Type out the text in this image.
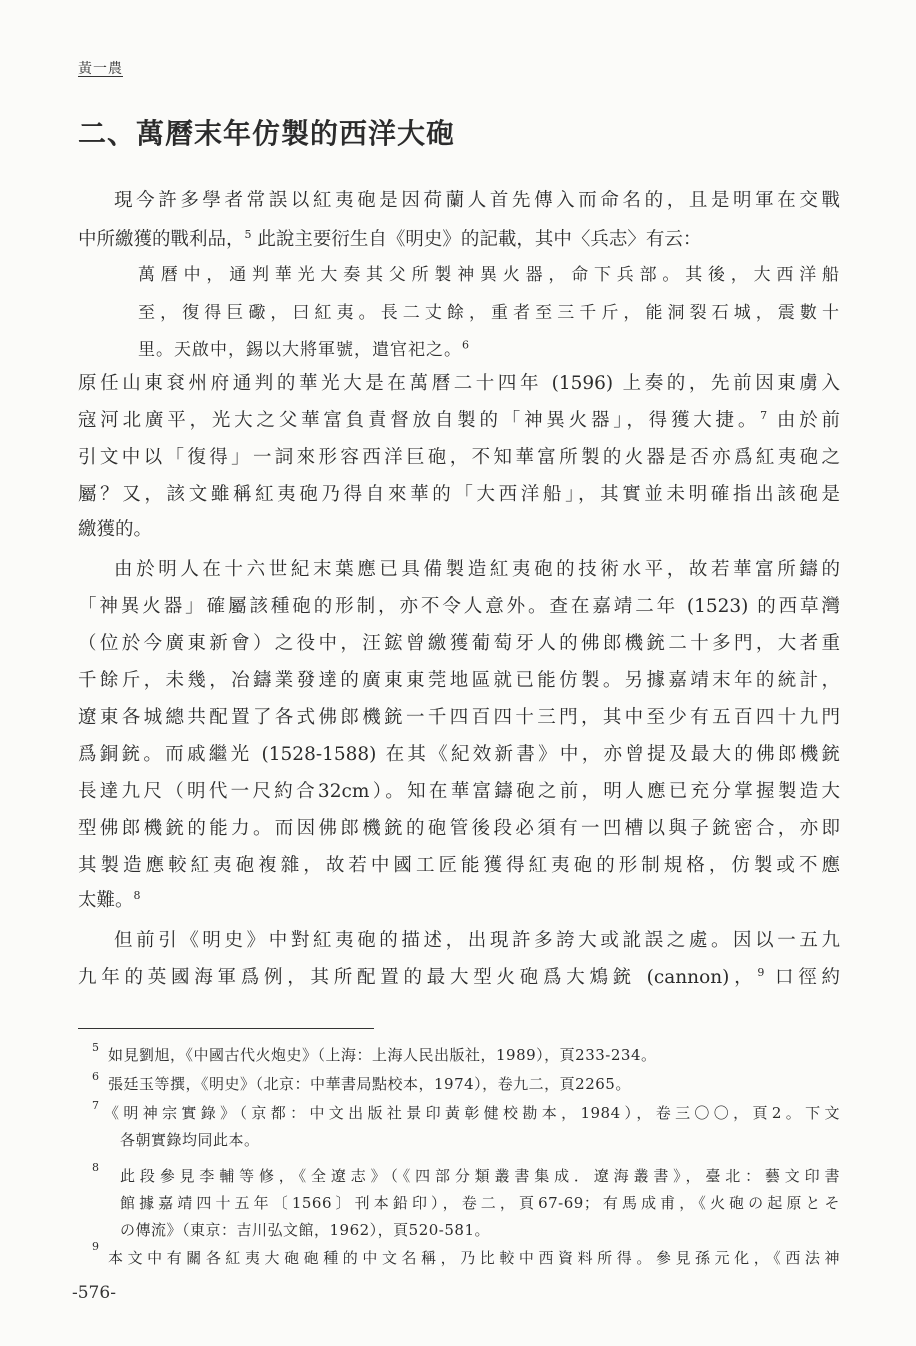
黃一農
二、萬曆末年仿製的西洋大砲
現今許多學者常誤以紅夷砲是因荷蘭人首先傳入而命名的，且是明軍在交戰
中所繳獲的戰利品，$^5$ 此說主要衍生自《明史》的記載，其中〈兵志〉有云：
萬曆中，通判華光大奏其父所製神異火器，命下兵部。其後，大西洋船
至，復得巨礮，曰紅夷。長二丈餘，重者至三千斤，能洞裂石城，震數十
里。天啟中，錫以大將軍號，遣官祀之。$^6$
原任山東袞州府通判的華光大是在萬曆二十四年 (1596) 上奏的，先前因東虜入
寇河北廣平，光大之父華富負責督放自製的「神異火器」，得獲大捷。$^7$ 由於前
引文中以「復得」一詞來形容西洋巨砲，不知華富所製的火器是否亦爲紅夷砲之
屬？又，該文雖稱紅夷砲乃得自來華的「大西洋船」，其實並未明確指出該砲是
繳獲的。
由於明人在十六世紀末葉應已具備製造紅夷砲的技術水平，故若華富所鑄的
「神異火器」確屬該種砲的形制，亦不令人意外。查在嘉靖二年 (1523) 的西草灣
（位於今廣東新會）之役中，汪鋐曾繳獲葡萄牙人的佛郎機銃二十多門，大者重
千餘斤，未幾，冶鑄業發達的廣東東莞地區就已能仿製。另據嘉靖末年的統計，
遼東各城總共配置了各式佛郎機銃一千四百四十三門，其中至少有五百四十九門
爲銅銃。而戚繼光 (1528-1588) 在其《紀效新書》中，亦曾提及最大的佛郎機銃
長達九尺（明代一尺約合32cm）。知在華富鑄砲之前，明人應已充分掌握製造大
型佛郎機銃的能力。而因佛郎機銃的砲管後段必須有一凹槽以與子銃密合，亦即
其製造應較紅夷砲複雜，故若中國工匠能獲得紅夷砲的形制規格，仿製或不應
太難。$^8$
但前引《明史》中對紅夷砲的描述，出現許多誇大或訛誤之處。因以一五九
九年的英國海軍爲例，其所配置的最大型火砲爲大鴆銃 (cannon)，$^9$ 口徑約
5 如見劉旭，《中國古代火炮史》（上海：上海人民出版社，1989），頁233-234。
6 張廷玉等撰，《明史》（北京：中華書局點校本，1974），卷九二，頁2265。
7 《明神宗實錄》（京都：中文出版社景印黃彰健校勘本，1984），卷三〇〇，頁2。下文
各朝實錄均同此本。
8 此段參見李輔等修，《全遼志》（《四部分類叢書集成．遼海叢書》，臺北：藝文印書
館據嘉靖四十五年〔1566〕刊本鉛印），卷二，頁67-69；有馬成甫，《火砲の起原とそ
の傳流》（東京：吉川弘文館，1962），頁520-581。
9
本文中有關各紅夷大砲砲種的中文名稱，乃比較中西資料所得。參見孫元化，《西法神
-576-
